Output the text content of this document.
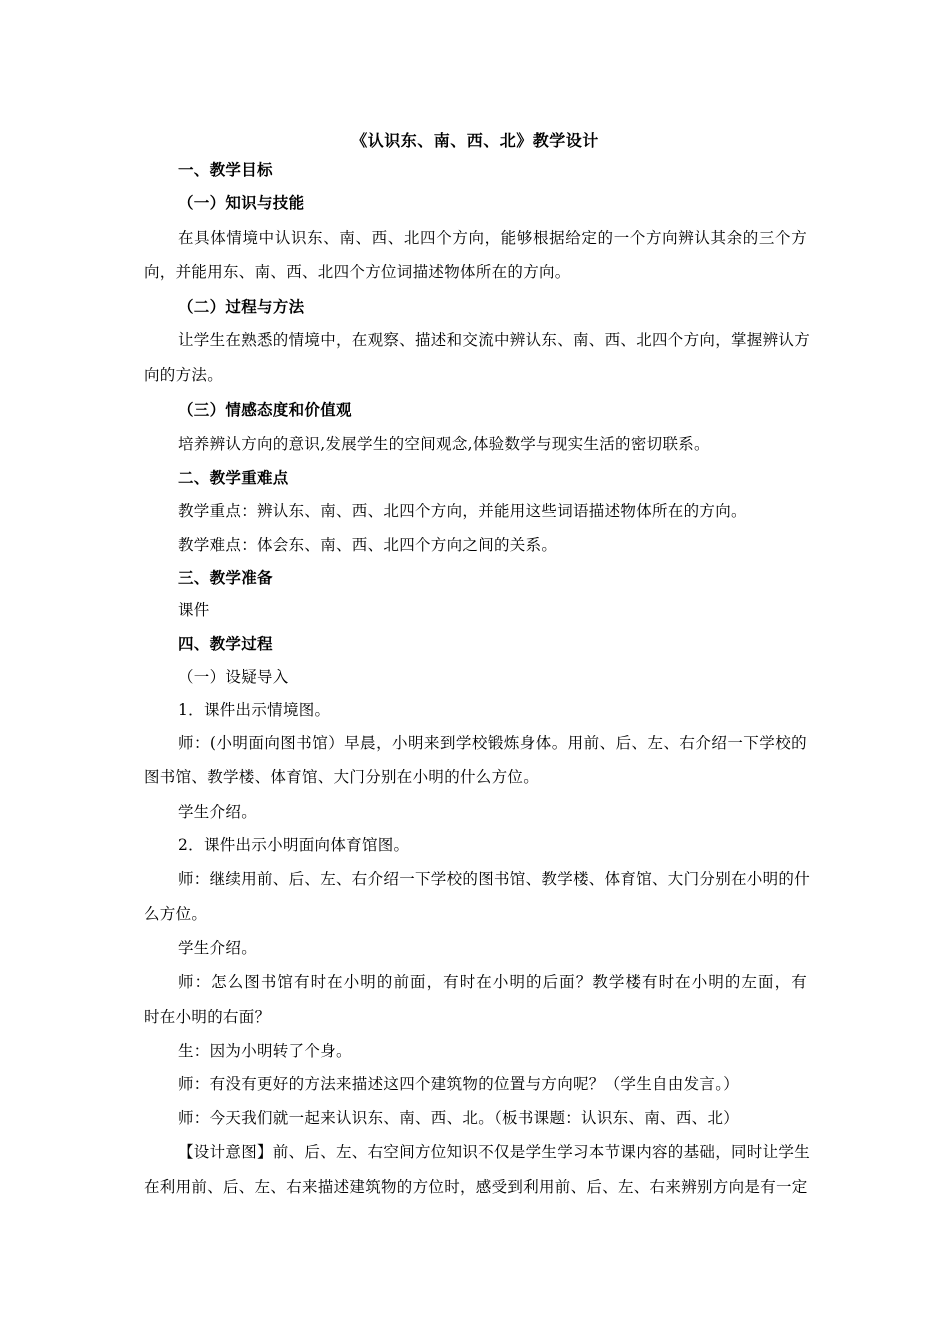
《认识东、南、西、北》教学设计
一、教学目标
（一）知识与技能
在具体情境中认识东、南、西、北四个方向，能够根据给定的一个方向辨认其余的三个方
向，并能用东、南、西、北四个方位词描述物体所在的方向。
（二）过程与方法
让学生在熟悉的情境中，在观察、描述和交流中辨认东、南、西、北四个方向，掌握辨认方
向的方法。
（三）情感态度和价值观
培养辨认方向的意识,发展学生的空间观念,体验数学与现实生活的密切联系。
二、教学重难点
教学重点：辨认东、南、西、北四个方向，并能用这些词语描述物体所在的方向。
教学难点：体会东、南、西、北四个方向之间的关系。
三、教学准备
课件
四、教学过程
（一）设疑导入
1．课件出示情境图。
师：(小明面向图书馆）早晨，小明来到学校锻炼身体。用前、后、左、右介绍一下学校的
图书馆、教学楼、体育馆、大门分别在小明的什么方位。
学生介绍。
2．课件出示小明面向体育馆图。
师：继续用前、后、左、右介绍一下学校的图书馆、教学楼、体育馆、大门分别在小明的什
么方位。
学生介绍。
师：怎么图书馆有时在小明的前面，有时在小明的后面？教学楼有时在小明的左面，有
时在小明的右面？
生：因为小明转了个身。
师：有没有更好的方法来描述这四个建筑物的位置与方向呢？（学生自由发言。）
师：今天我们就一起来认识东、南、西、北。（板书课题：认识东、南、西、北）
【设计意图】前、后、左、右空间方位知识不仅是学生学习本节课内容的基础，同时让学生
在利用前、后、左、右来描述建筑物的方位时，感受到利用前、后、左、右来辨别方向是有一定
